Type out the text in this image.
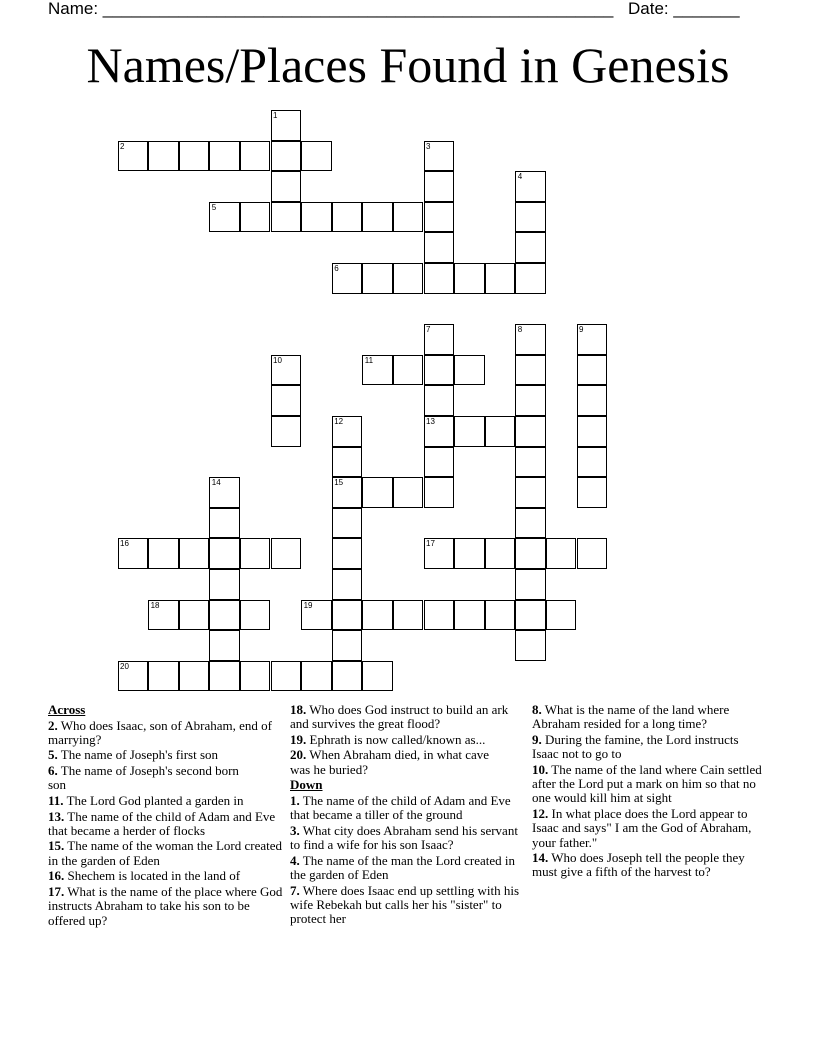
Name: ______________________________________________________ Date: _______
Names/Places Found in Genesis
1
2	3
4
5
6
7
13
8	9
10	11
12
15
14
16	17
18	19
20
Across
2. Who does Isaac, son of Abraham, end of marrying?
5. The name of Joseph's first son
6. The name of Joseph's second born son
11. The Lord God planted a garden in
13. The name of the child of Adam and Eve that became a herder of flocks
15. The name of the woman the Lord created in the garden of Eden
16. Shechem is located in the land of
17. What is the name of the place where God instructs Abraham to take his son to be offered up?
18. Who does God instruct to build an ark and survives the great flood?
19. Ephrath is now called/known as...
20. When Abraham died, in what cave was he buried?
Down
1. The name of the child of Adam and Eve that became a tiller of the ground
3. What city does Abraham send his servant to find a wife for his son Isaac?
4. The name of the man the Lord created in the garden of Eden
7. Where does Isaac end up settling with his wife Rebekah but calls her his "sister" to protect her
8. What is the name of the land where Abraham resided for a long time?
9. During the famine, the Lord instructs Isaac not to go to
10. The name of the land where Cain settled after the Lord put a mark on him so that no one would kill him at sight
12. In what place does the Lord appear to Isaac and says" I am the God of Abraham, your father."
14. Who does Joseph tell the people they must give a fifth of the harvest to?
